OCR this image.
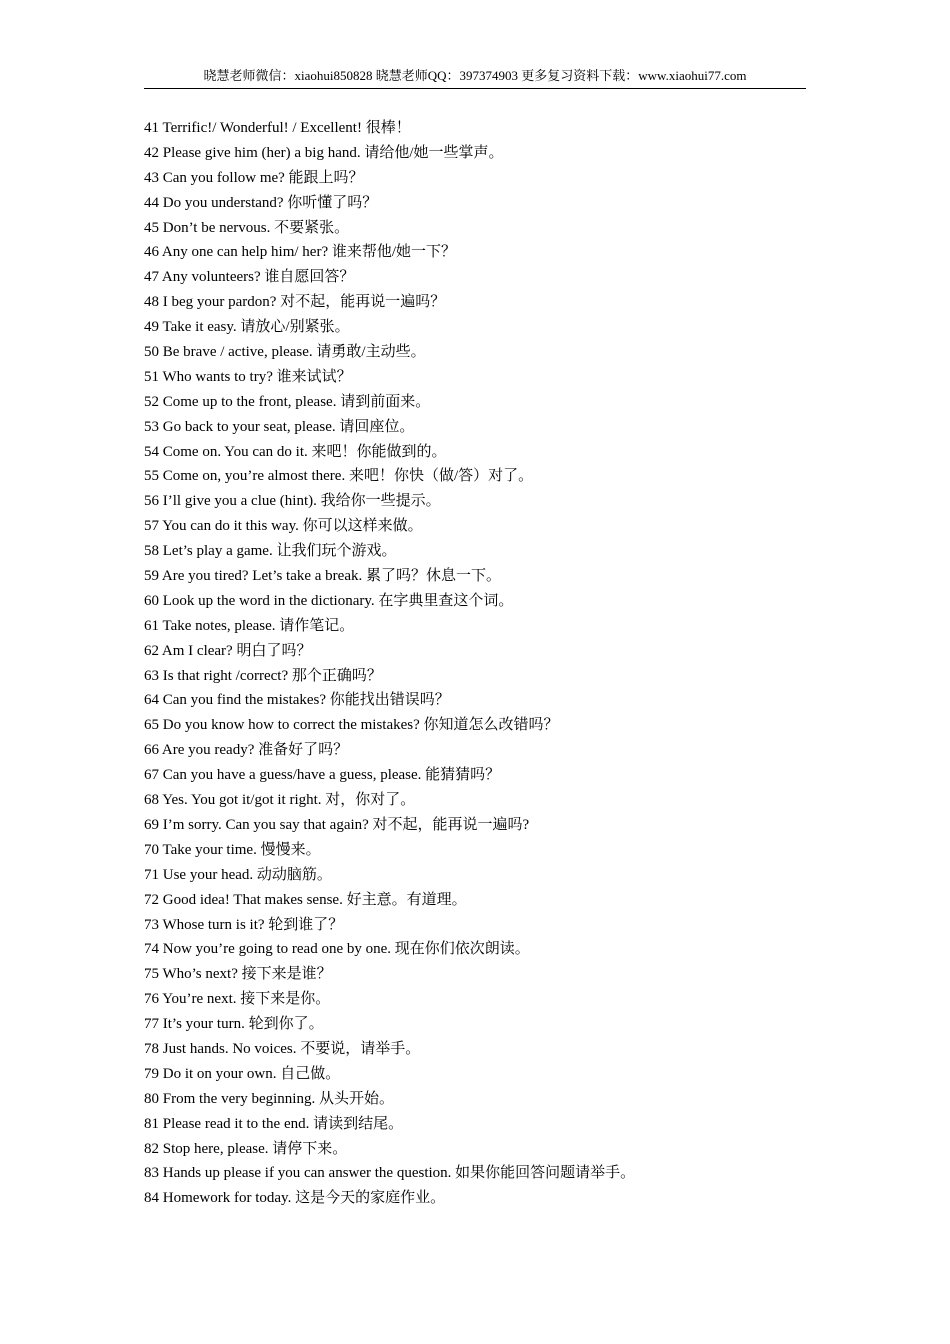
晓慧老师微信：xiaohui850828 晓慧老师QQ：397374903 更多复习资料下载：www.xiaohui77.com
41 Terrific!/ Wonderful! / Excellent! 很棒！
42 Please give him (her) a big hand. 请给他/她一些掌声。
43 Can you follow me? 能跟上吗？
44 Do you understand? 你听懂了吗？
45 Don’t be nervous. 不要紧张。
46 Any one can help him/ her? 谁来帮他/她一下？
47 Any volunteers? 谁自愿回答？
48 I beg your pardon? 对不起，能再说一遍吗？
49 Take it easy. 请放心/别紧张。
50 Be brave / active, please. 请勇敢/主动些。
51 Who wants to try? 谁来试试？
52 Come up to the front, please. 请到前面来。
53 Go back to your seat, please. 请回座位。
54 Come on. You can do it. 来吧！你能做到的。
55 Come on, you’re almost there. 来吧！你快（做/答）对了。
56 I’ll give you a clue (hint). 我给你一些提示。
57 You can do it this way. 你可以这样来做。
58 Let’s play a game. 让我们玩个游戏。
59 Are you tired? Let’s take a break. 累了吗？休息一下。
60 Look up the word in the dictionary. 在字典里查这个词。
61 Take notes, please. 请作笔记。
62 Am I clear? 明白了吗？
63 Is that right /correct? 那个正确吗？
64 Can you find the mistakes? 你能找出错误吗？
65 Do you know how to correct the mistakes? 你知道怎么改错吗？
66 Are you ready? 准备好了吗？
67 Can you have a guess/have a guess, please. 能猜猜吗？
68 Yes. You got it/got it right. 对，你对了。
69 I’m sorry. Can you say that again? 对不起，能再说一遍吗?
70 Take your time. 慢慢来。
71 Use your head. 动动脑筋。
72 Good idea! That makes sense. 好主意。有道理。
73 Whose turn is it? 轮到谁了？
74 Now you’re going to read one by one. 现在你们依次朗读。
75 Who’s next? 接下来是谁？
76 You’re next. 接下来是你。
77 It’s your turn. 轮到你了。
78 Just hands. No voices. 不要说，请举手。
79 Do it on your own. 自己做。
80 From the very beginning. 从头开始。
81 Please read it to the end. 请读到结尾。
82 Stop here, please. 请停下来。
83 Hands up please if you can answer the question. 如果你能回答问题请举手。
84 Homework for today. 这是今天的家庭作业。
